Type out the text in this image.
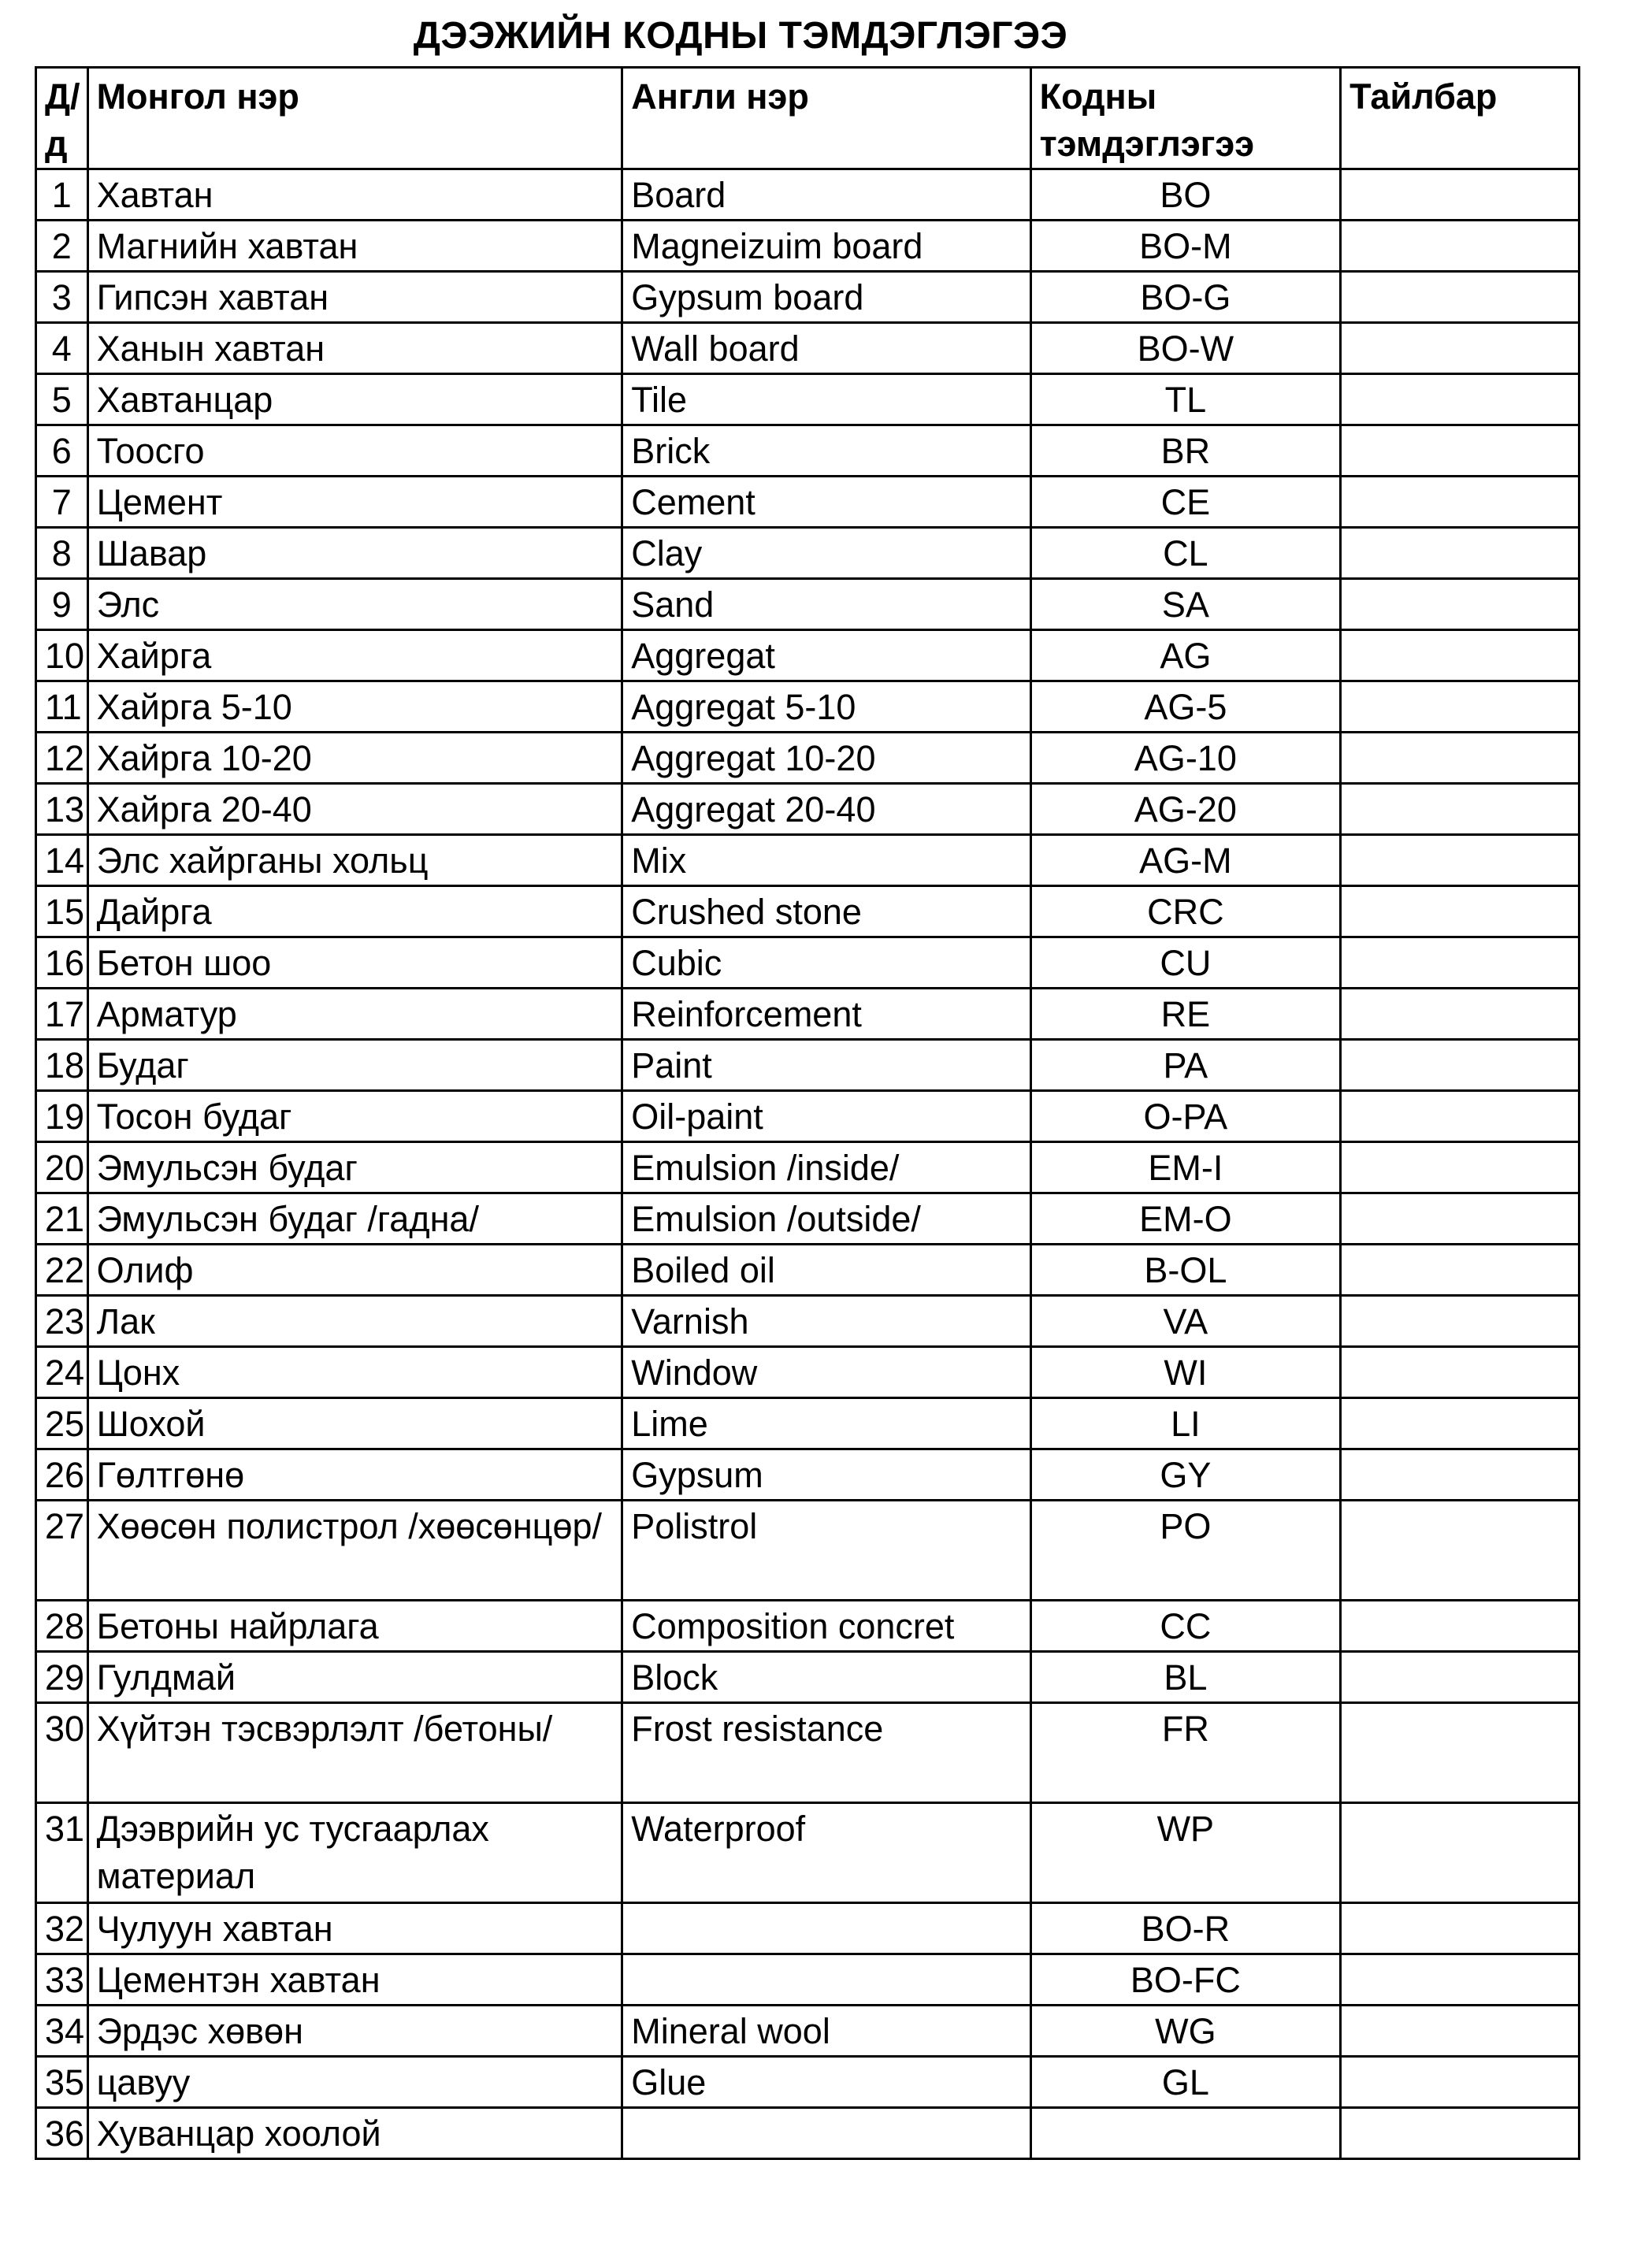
ДЭЭЖИЙН КОДНЫ ТЭМДЭГЛЭГЭЭ
Д/д	Монгол нэр	Англи нэр	Кодны тэмдэглэгээ	Тайлбар
1	Хавтан	Board	BO	
2	Магнийн хавтан	Magneizuim board	BO-M	
3	Гипсэн хавтан	Gypsum board	BO-G	
4	Ханын хавтан	Wall board	BO-W	
5	Хавтанцар	Tile	TL	
6	Тоосго	Brick	BR	
7	Цемент	Cement	CE	
8	Шавар	Clay	CL	
9	Элс	Sand	SA	
10	Хайрга	Aggregat	AG	
11	Хайрга 5-10	Aggregat 5-10	AG-5	
12	Хайрга 10-20	Aggregat 10-20	AG-10	
13	Хайрга 20-40	Aggregat 20-40	AG-20	
14	Элс хайрганы хольц	Mix	AG-M	
15	Дайрга	Crushed stone	CRC	
16	Бетон шоо	Cubic	CU	
17	Арматур	Reinforcement	RE	
18	Будаг	Paint	PA	
19	Тосон будаг	Oil-paint	O-PA	
20	Эмульсэн будаг	Emulsion /inside/	EM-I	
21	Эмульсэн будаг /гадна/	Emulsion /outside/	EM-O	
22	Олиф	Boiled oil	B-OL	
23	Лак	Varnish	VA	
24	Цонх	Window	WI	
25	Шохой	Lime	LI	
26	Гөлтгөнө	Gypsum	GY	
27	Хөөсөн полистрол /хөөсөнцөр/	Polistrol	PO	
28	Бетоны найрлага	Composition concret	CC	
29	Гулдмай	Block	BL	
30	Хүйтэн тэсвэрлэлт /бетоны/	Frost resistance	FR	
31	Дээврийн ус тусгаарлах материал	Waterproof	WP	
32	Чулуун хавтан		BO-R	
33	Цементэн хавтан		BO-FC	
34	Эрдэс хөвөн	Mineral wool	WG	
35	цавуу	Glue	GL	
36	Хуванцар хоолой			
